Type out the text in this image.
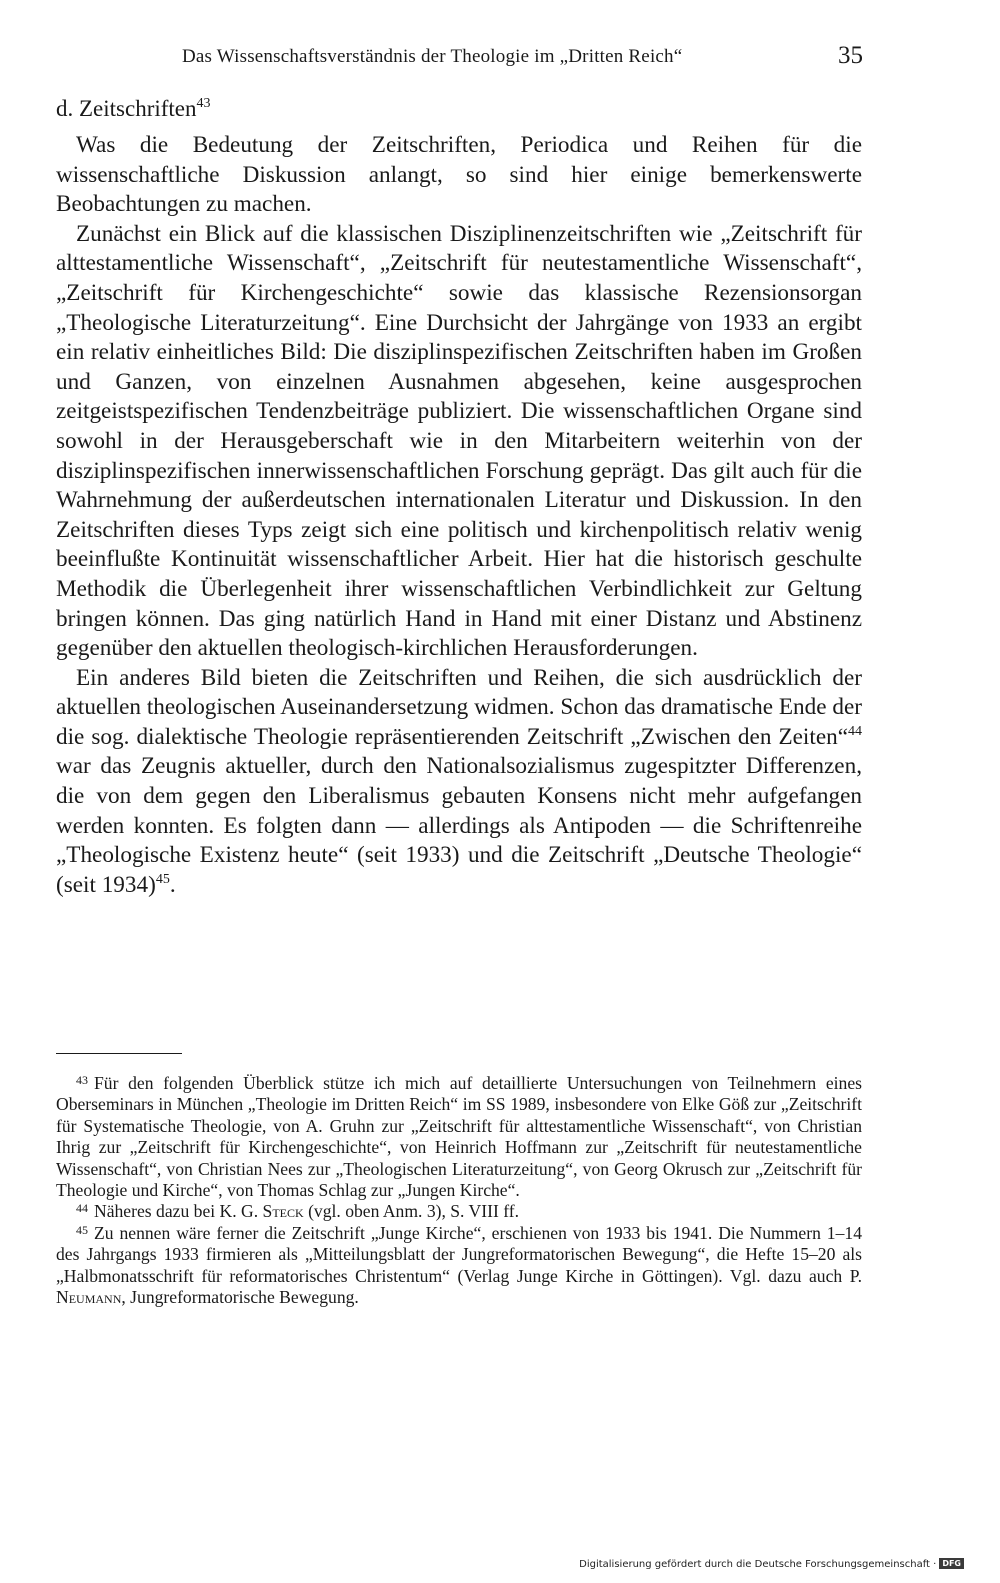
Das Wissenschaftsverständnis der Theologie im „Dritten Reich“	35
d. Zeitschriften$^{43}$

Was die Bedeutung der Zeitschriften, Periodica und Reihen für die wissenschaftliche Diskussion anlangt, so sind hier einige bemerkenswerte Beobachtungen zu machen.

Zunächst ein Blick auf die klassischen Disziplinenzeitschriften wie „Zeitschrift für alttestamentliche Wissenschaft“, „Zeitschrift für neutestamentliche Wissenschaft“, „Zeitschrift für Kirchengeschichte“ sowie das klassische Rezensionsorgan „Theologische Literaturzeitung“. Eine Durchsicht der Jahrgänge von 1933 an ergibt ein relativ einheitliches Bild: Die disziplinspezifischen Zeitschriften haben im Großen und Ganzen, von einzelnen Ausnahmen abgesehen, keine ausgesprochen zeitgeistspezifischen Tendenzbeiträge publiziert. Die wissenschaftlichen Organe sind sowohl in der Herausgeberschaft wie in den Mitarbeitern weiterhin von der disziplinspezifischen innerwissenschaftlichen Forschung geprägt. Das gilt auch für die Wahrnehmung der außerdeutschen internationalen Literatur und Diskussion. In den Zeitschriften dieses Typs zeigt sich eine politisch und kirchenpolitisch relativ wenig beeinflußte Kontinuität wissenschaftlicher Arbeit. Hier hat die historisch geschulte Methodik die Überlegenheit ihrer wissenschaftlichen Verbindlichkeit zur Geltung bringen können. Das ging natürlich Hand in Hand mit einer Distanz und Abstinenz gegenüber den aktuellen theologisch-kirchlichen Herausforderungen.

Ein anderes Bild bieten die Zeitschriften und Reihen, die sich ausdrücklich der aktuellen theologischen Auseinandersetzung widmen. Schon das dramatische Ende der die sog. dialektische Theologie repräsentierenden Zeitschrift „Zwischen den Zeiten“$^{44}$ war das Zeugnis aktueller, durch den Nationalsozialismus zugespitzter Differenzen, die von dem gegen den Liberalismus gebauten Konsens nicht mehr aufgefangen werden konnten. Es folgten dann — allerdings als Antipoden — die Schriftenreihe „Theologische Existenz heute“ (seit 1933) und die Zeitschrift „Deutsche Theologie“ (seit 1934)$^{45}$.

$^{43}$ Für den folgenden Überblick stütze ich mich auf detaillierte Untersuchungen von Teilnehmern eines Oberseminars in München „Theologie im Dritten Reich“ im SS 1989, insbesondere von Elke Göß zur „Zeitschrift für Systematische Theologie, von A. Gruhn zur „Zeitschrift für alttestamentliche Wissenschaft“, von Christian Ihrig zur „Zeitschrift für Kirchengeschichte“, von Heinrich Hoffmann zur „Zeitschrift für neutestamentliche Wissenschaft“, von Christian Nees zur „Theologischen Literaturzeitung“, von Georg Okrusch zur „Zeitschrift für Theologie und Kirche“, von Thomas Schlag zur „Jungen Kirche“.

$^{44}$ Näheres dazu bei K. G. Steck (vgl. oben Anm. 3), S. VIII ff.

$^{45}$ Zu nennen wäre ferner die Zeitschrift „Junge Kirche“, erschienen von 1933 bis 1941. Die Nummern 1–14 des Jahrgangs 1933 firmieren als „Mitteilungsblatt der Jungreformatorischen Bewegung“, die Hefte 15–20 als „Halbmonatsschrift für reformatorisches Christentum“ (Verlag Junge Kirche in Göttingen). Vgl. dazu auch P. Neumann, Jungreformatorische Bewegung.

Digitalisierung gefördert durch die Deutsche Forschungsgemeinschaft · DFG
